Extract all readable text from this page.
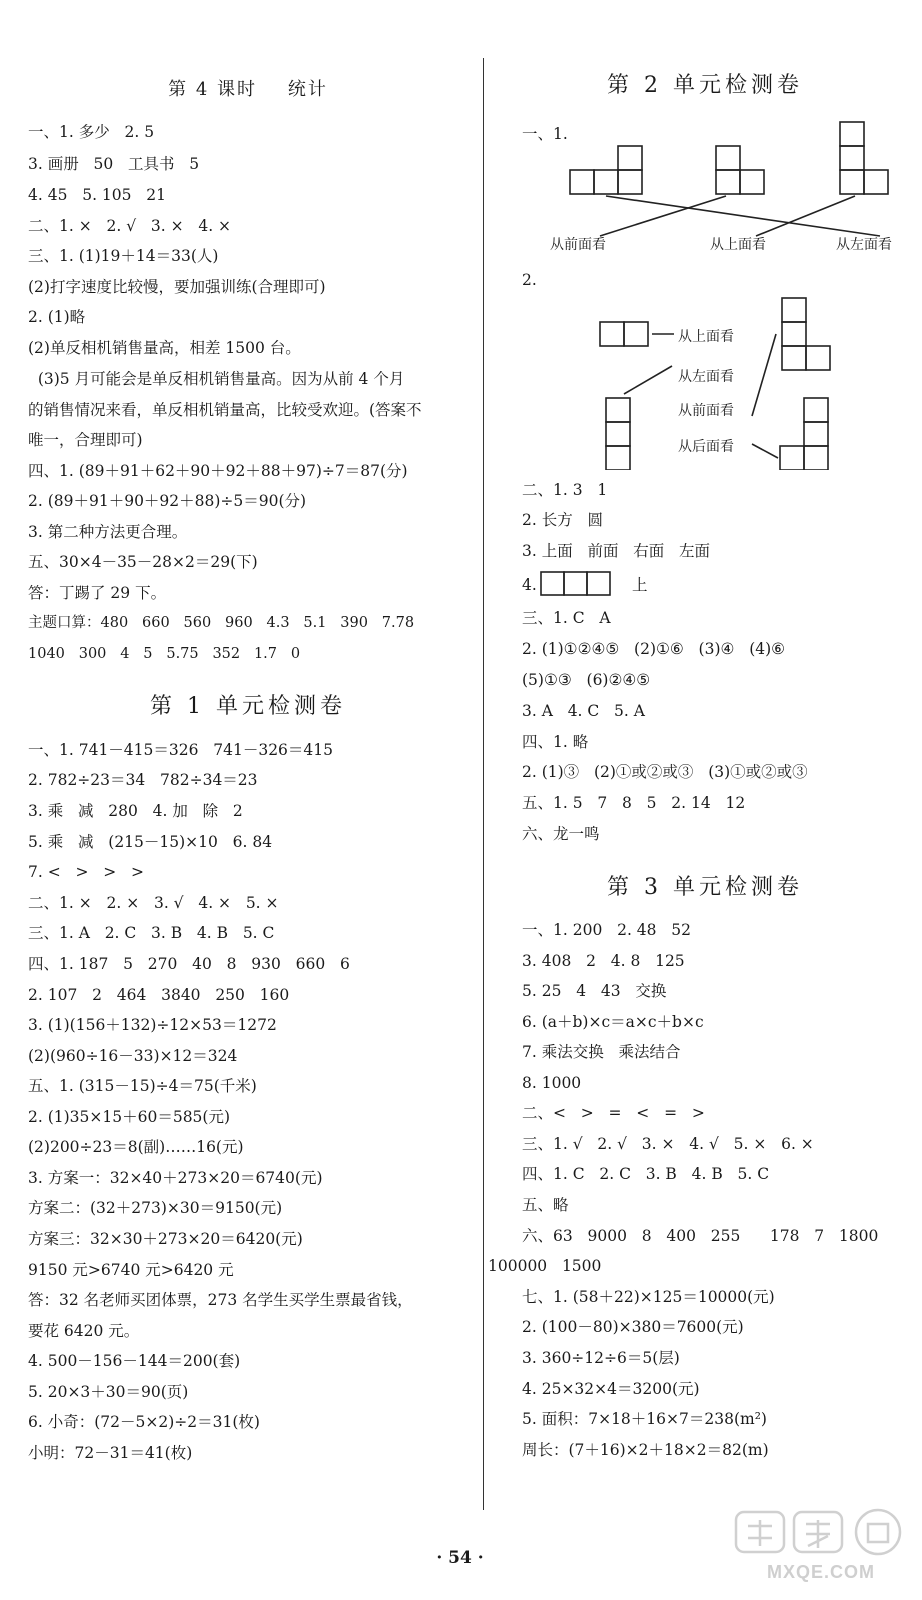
第 4 课时    统计
一、1. 多少   2. 5
3. 画册   50   工具书   5
4. 45   5. 105   21
二、1. ×   2. √   3. ×   4. ×
三、1. (1)19＋14＝33(人)
(2)打字速度比较慢，要加强训练(合理即可)
2. (1)略
(2)单反相机销售量高，相差 1500 台。
(3)5 月可能会是单反相机销售量高。因为从前 4 个月
的销售情况来看，单反相机销量高，比较受欢迎。(答案不
唯一，合理即可)
四、1. (89＋91＋62＋90＋92＋88＋97)÷7＝87(分)
2. (89＋91＋90＋92＋88)÷5＝90(分)
3. 第二种方法更合理。
五、30×4－35－28×2＝29(下)
答：丁踢了 29 下。
主题口算：480   660   560   960   4.3   5.1   390   7.78
1040   300   4   5   5.75   352   1.7   0
第 1 单元检测卷
一、1. 741－415＝326   741－326＝415
2. 782÷23＝34   782÷34＝23
3. 乘   减   280   4. 加   除   2
5. 乘   减   (215－15)×10   6. 84
7. <   >   >   >
二、1. ×   2. ×   3. √   4. ×   5. ×
三、1. A   2. C   3. B   4. B   5. C
四、1. 187   5   270   40   8   930   660   6
2. 107   2   464   3840   250   160
3. (1)(156＋132)÷12×53＝1272
(2)(960÷16－33)×12＝324
五、1. (315－15)÷4＝75(千米)
2. (1)35×15＋60＝585(元)
(2)200÷23＝8(副)……16(元)
3. 方案一：32×40＋273×20＝6740(元)
方案二：(32＋273)×30＝9150(元)
方案三：32×30＋273×20＝6420(元)
9150 元>6740 元>6420 元
答：32 名老师买团体票，273 名学生买学生票最省钱，
要花 6420 元。
4. 500－156－144＝200(套)
5. 20×3＋30＝90(页)
6. 小奇：(72－5×2)÷2＝31(枚)
小明：72－31＝41(枚)
第 2 单元检测卷
一、1.
从前面看	从上面看	从左面看
2.
从上面看
从左面看
从前面看
从后面看
二、1. 3   1
2. 长方   圆
3. 上面   前面   右面   左面
4.	上
三、1. C   A
2. (1)①②④⑤   (2)①⑥   (3)④   (4)⑥
(5)①③   (6)②④⑤
3. A   4. C   5. A
四、1. 略
2. (1)③   (2)①或②或③   (3)①或②或③
五、1. 5   7   8   5   2. 14   12
六、龙一鸣
第 3 单元检测卷
一、1. 200   2. 48   52
3. 408   2   4. 8   125
5. 25   4   43   交换
6. (a＋b)×c＝a×c＋b×c
7. 乘法交换   乘法结合
8. 1000
二、<   >   =   <   =   >
三、1. √   2. √   3. ×   4. √   5. ×   6. ×
四、1. C   2. C   3. B   4. B   5. C
五、略
六、63   9000   8   400   255      178   7   1800
100000   1500
七、1. (58＋22)×125＝10000(元)
2. (100－80)×380＝7600(元)
3. 360÷12÷6＝5(层)
4. 25×32×4＝3200(元)
5. 面积：7×18＋16×7＝238(m²)
周长：(7＋16)×2＋18×2＝82(m)
· 54 ·
MXQE.COM
